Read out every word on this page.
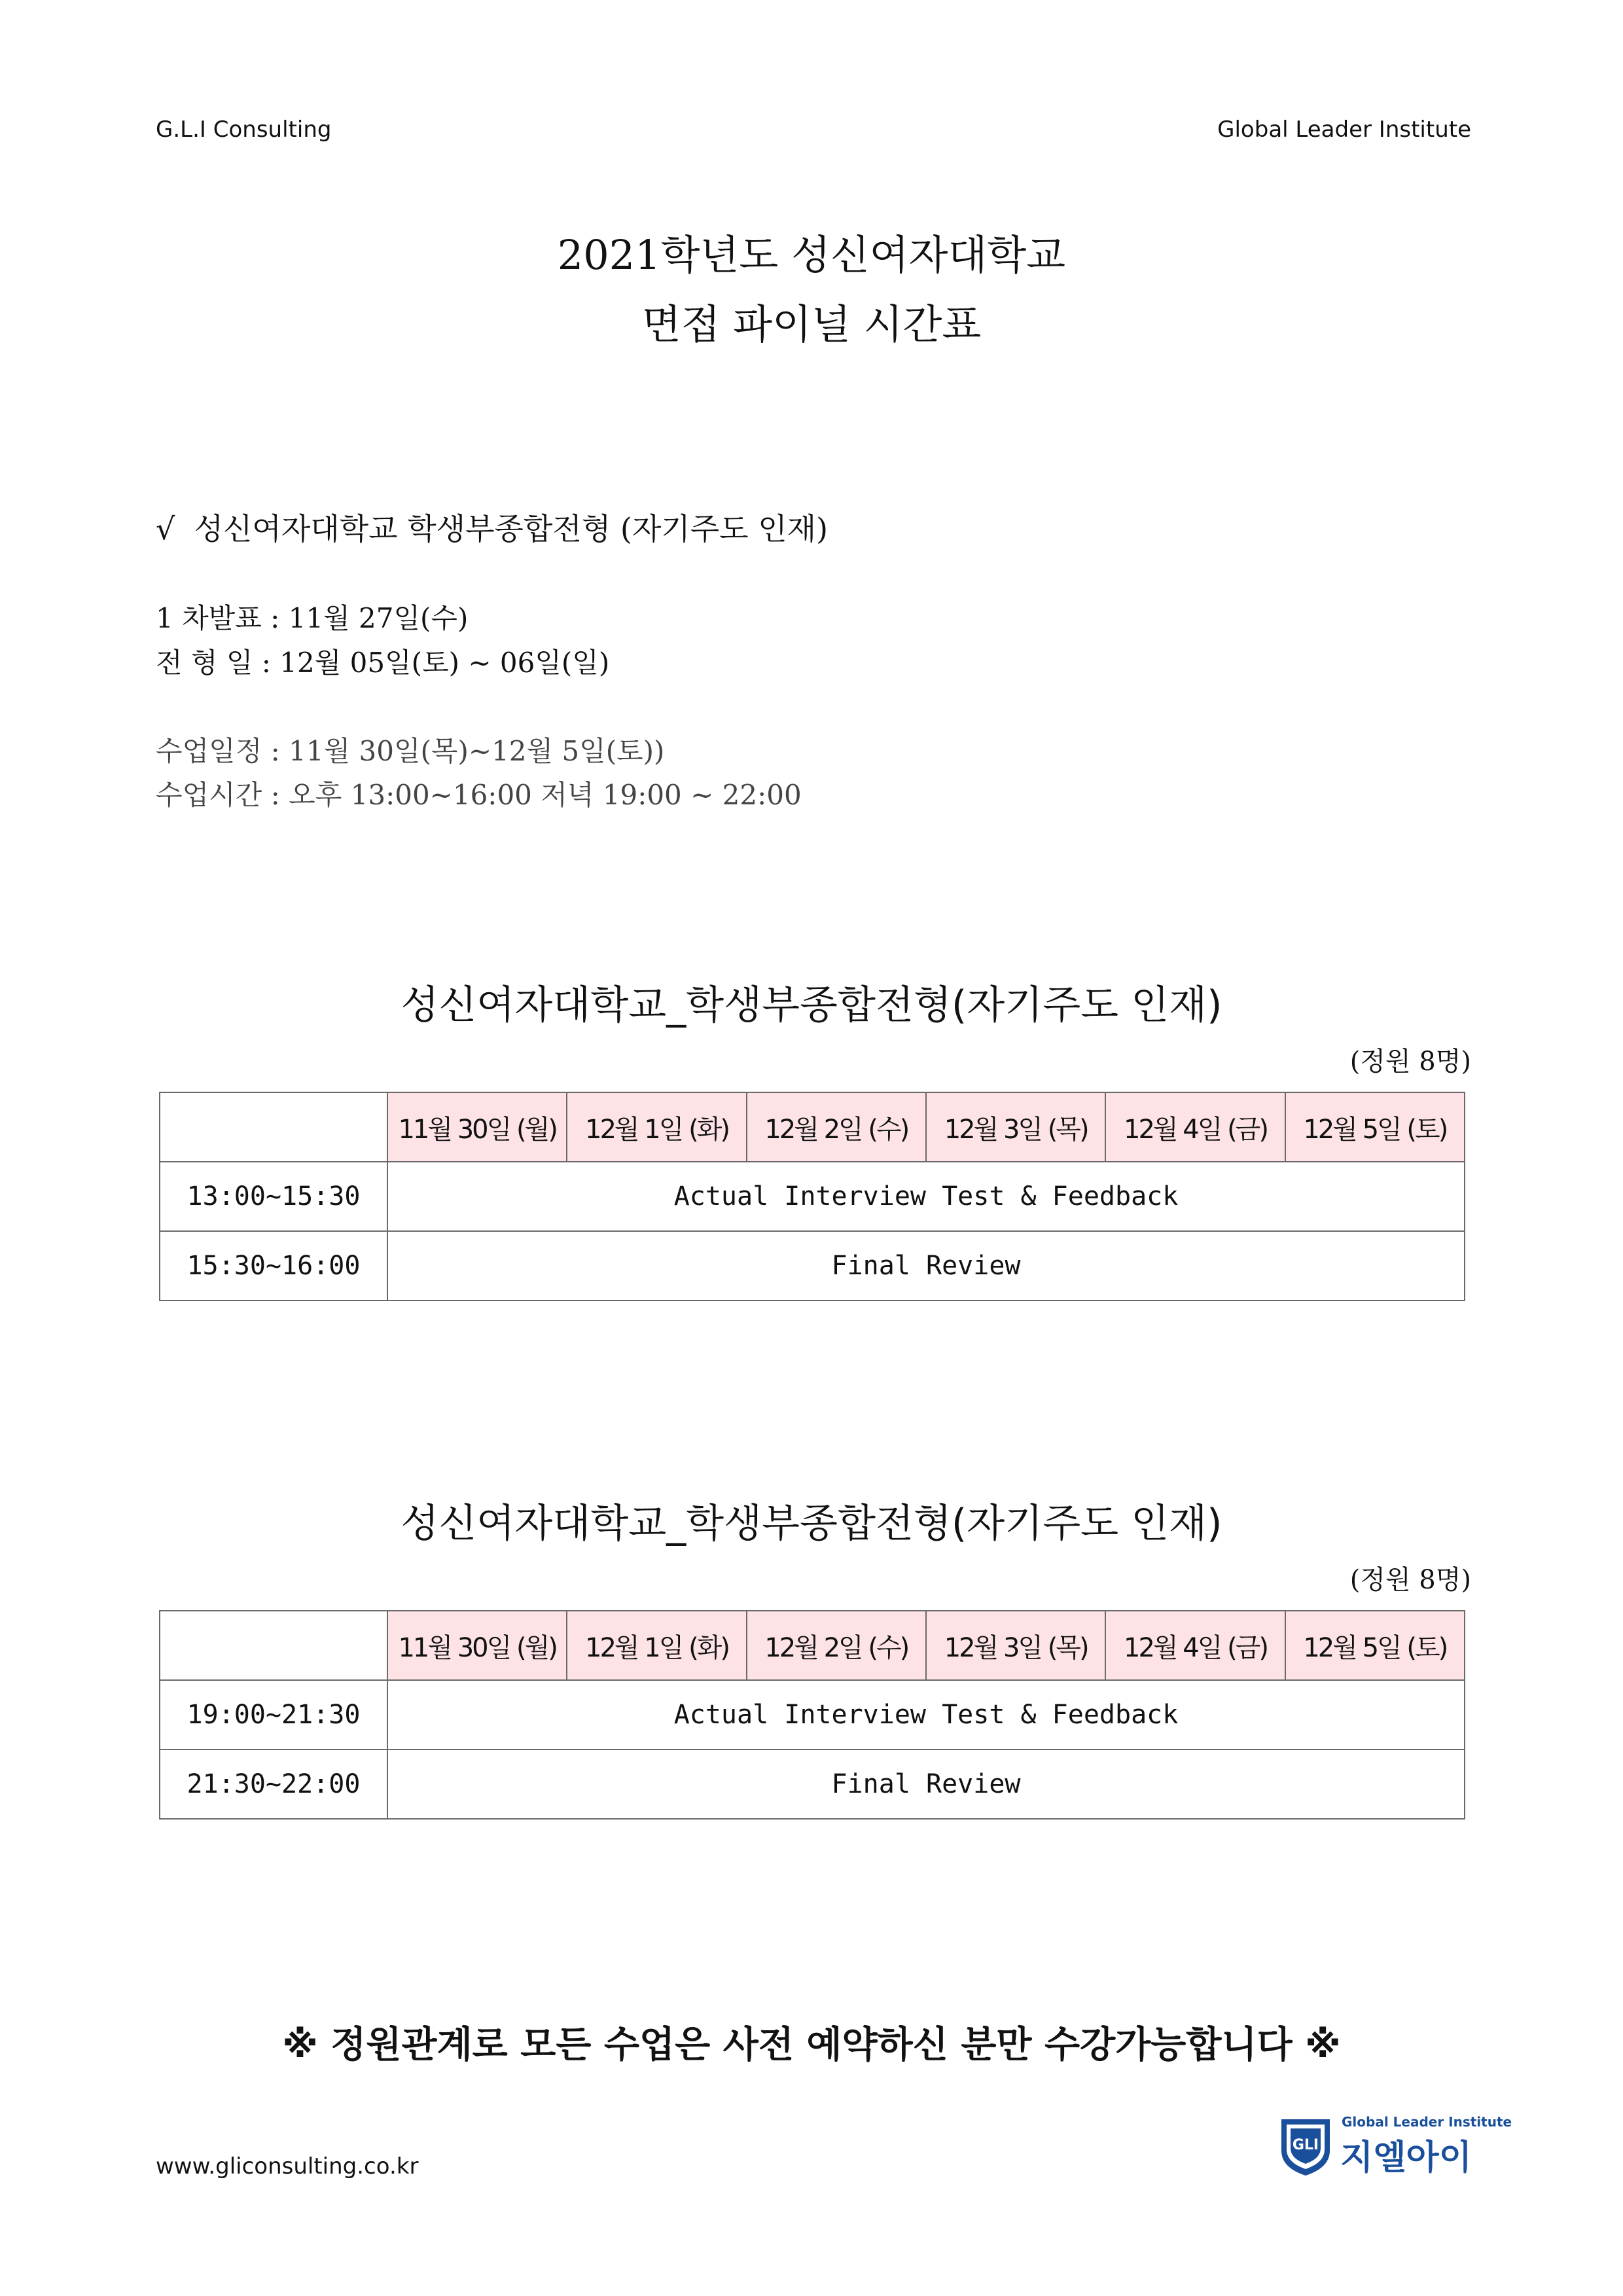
G.L.I Consulting	Global Leader Institute
2021학년도 성신여자대학교
면접 파이널 시간표
√ 성신여자대학교 학생부종합전형 (자기주도 인재)
1 차발표 : 11월 27일(수)
전 형 일 : 12월 05일(토) ~ 06일(일)
수업일정 : 11월 30일(목)~12월 5일(토))
수업시간 : 오후 13:00~16:00 저녁 19:00 ~ 22:00
성신여자대학교_학생부종합전형(자기주도 인재)
(정원 8명)
	11월 30일 (월)	12월 1일 (화)	12월 2일 (수)	12월 3일 (목)	12월 4일 (금)	12월 5일 (토)
13:00~15:30	Actual Interview Test & Feedback					
15:30~16:00	Final Review					
성신여자대학교_학생부종합전형(자기주도 인재)
(정원 8명)
	11월 30일 (월)	12월 1일 (화)	12월 2일 (수)	12월 3일 (목)	12월 4일 (금)	12월 5일 (토)
19:00~21:30	Actual Interview Test & Feedback					
21:30~22:00	Final Review					
※ 정원관계로 모든 수업은 사전 예약하신 분만 수강가능합니다 ※
www.gliconsulting.co.kr
GLI
Global Leader Institute
지엘아이
